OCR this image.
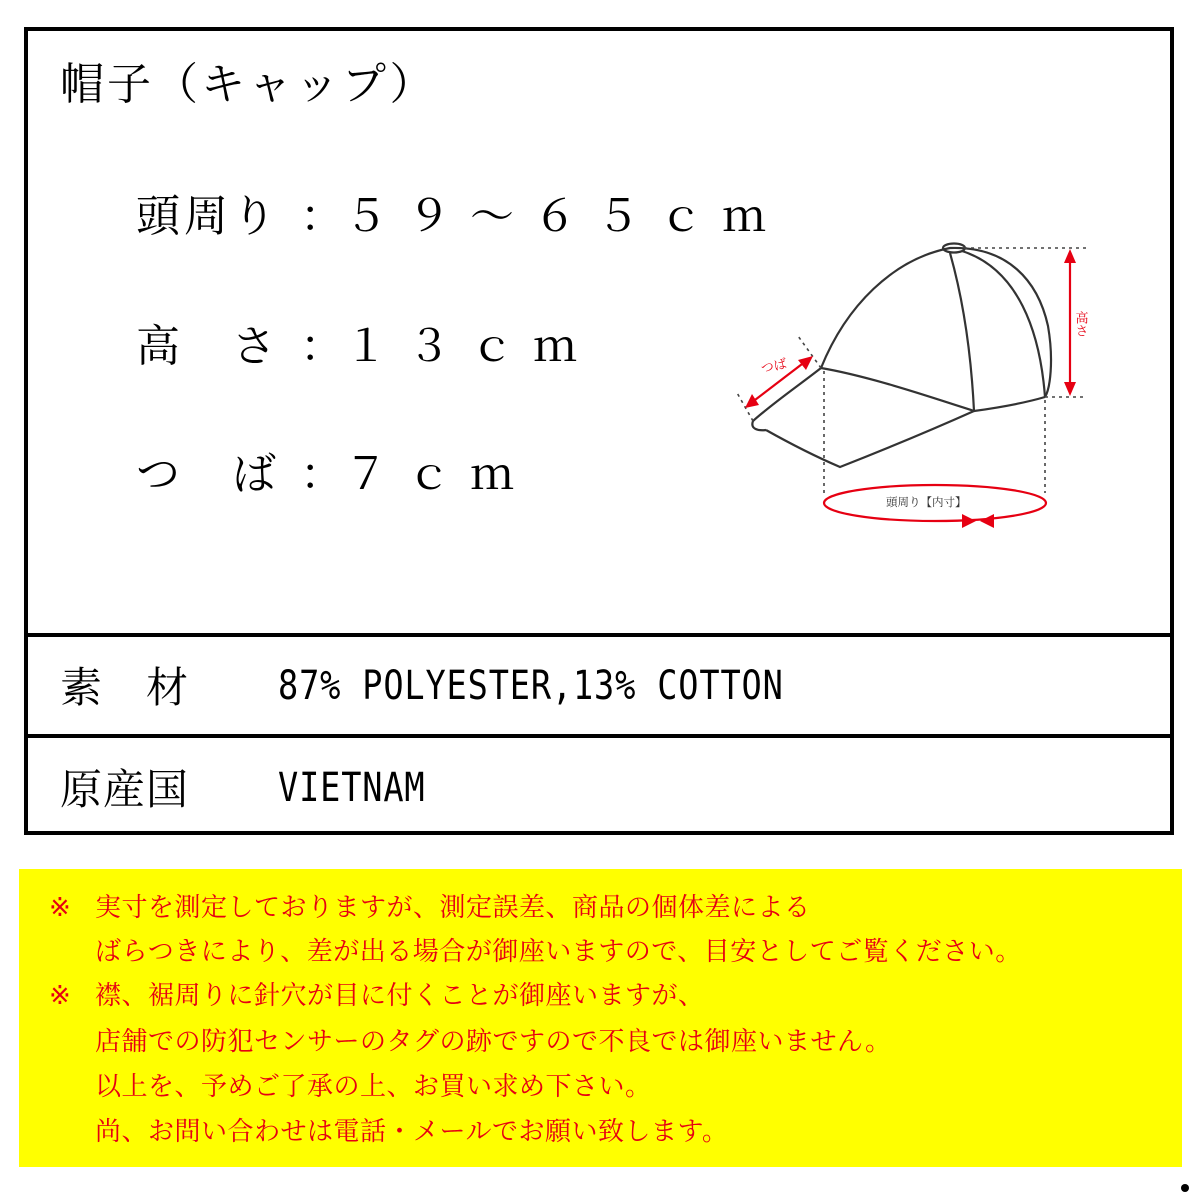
帽子（キャップ）
頭周り ：５９～６５ｃｍ
高　さ ：１３ｃｍ
つ　ば ：７ｃｍ
つば
高さ
頭周り【内寸】
素　材 87% POLYESTER,13% COTTON
原産国 VIETNAM
※ 実寸を測定しておりますが、測定誤差、商品の個体差による
ばらつきにより、差が出る場合が御座いますので、目安としてご覧ください。
※ 襟、裾周りに針穴が目に付くことが御座いますが、
店舗での防犯センサーのタグの跡ですので不良では御座いません。
以上を、予めご了承の上、お買い求め下さい。
尚、お問い合わせは電話・メールでお願い致します。
